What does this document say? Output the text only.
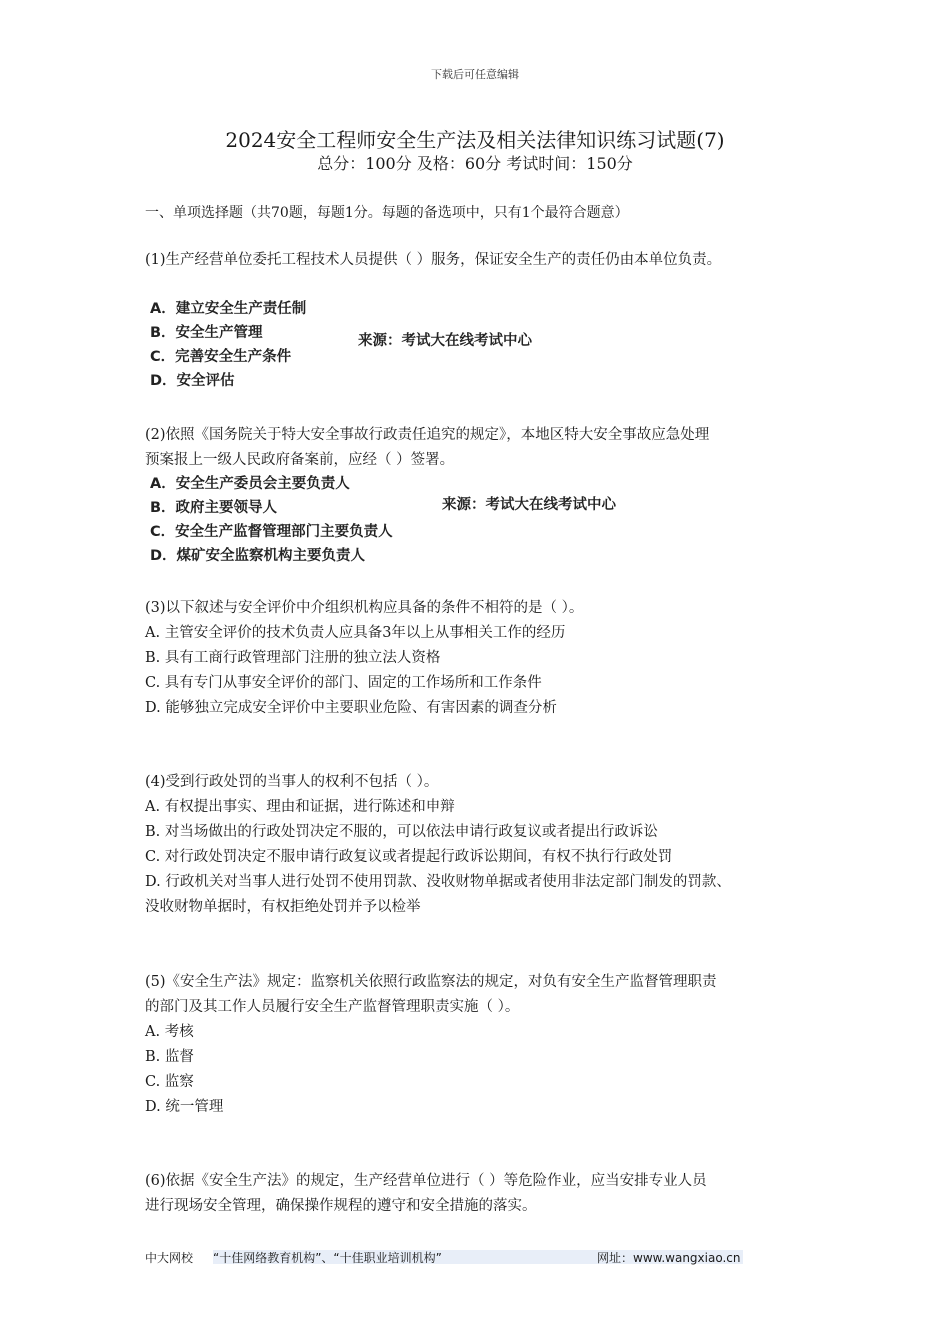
下载后可任意编辑
2024安全工程师安全生产法及相关法律知识练习试题(7)
总分：100分 及格：60分 考试时间：150分
一、单项选择题（共70题，每题1分。每题的备选项中，只有1个最符合题意）

(1)生产经营单位委托工程技术人员提供（ ）服务，保证安全生产的责任仍由本单位负责。

A．建立安全生产责任制

B．安全生产管理

C．完善安全生产条件

D．安全评估

来源：考试大在线考试中心

(2)依照《国务院关于特大安全事故行政责任追究的规定》，本地区特大安全事故应急处理

预案报上一级人民政府备案前，应经（ ）签署。

A．安全生产委员会主要负责人

B．政府主要领导人

C．安全生产监督管理部门主要负责人

D．煤矿安全监察机构主要负责人

来源：考试大在线考试中心

(3)以下叙述与安全评价中介组织机构应具备的条件不相符的是（ ）。

A. 主管安全评价的技术负责人应具备3年以上从事相关工作的经历

B. 具有工商行政管理部门注册的独立法人资格

C. 具有专门从事安全评价的部门、固定的工作场所和工作条件

D. 能够独立完成安全评价中主要职业危险、有害因素的调查分析

(4)受到行政处罚的当事人的权利不包括（ ）。

A. 有权提出事实、理由和证据，进行陈述和申辩

B. 对当场做出的行政处罚决定不服的，可以依法申请行政复议或者提出行政诉讼

C. 对行政处罚决定不服申请行政复议或者提起行政诉讼期间，有权不执行行政处罚

D. 行政机关对当事人进行处罚不使用罚款、没收财物单据或者使用非法定部门制发的罚款、

没收财物单据时，有权拒绝处罚并予以检举

(5)《安全生产法》规定：监察机关依照行政监察法的规定，对负有安全生产监督管理职责

的部门及其工作人员履行安全生产监督管理职责实施（ ）。

A. 考核

B. 监督

C. 监察

D. 统一管理

(6)依据《安全生产法》的规定，生产经营单位进行（ ）等危险作业，应当安排专业人员

进行现场安全管理，确保操作规程的遵守和安全措施的落实。

中大网校 “十佳网络教育机构”、“十佳职业培训机构”	网址：www.wangxiao.cn
